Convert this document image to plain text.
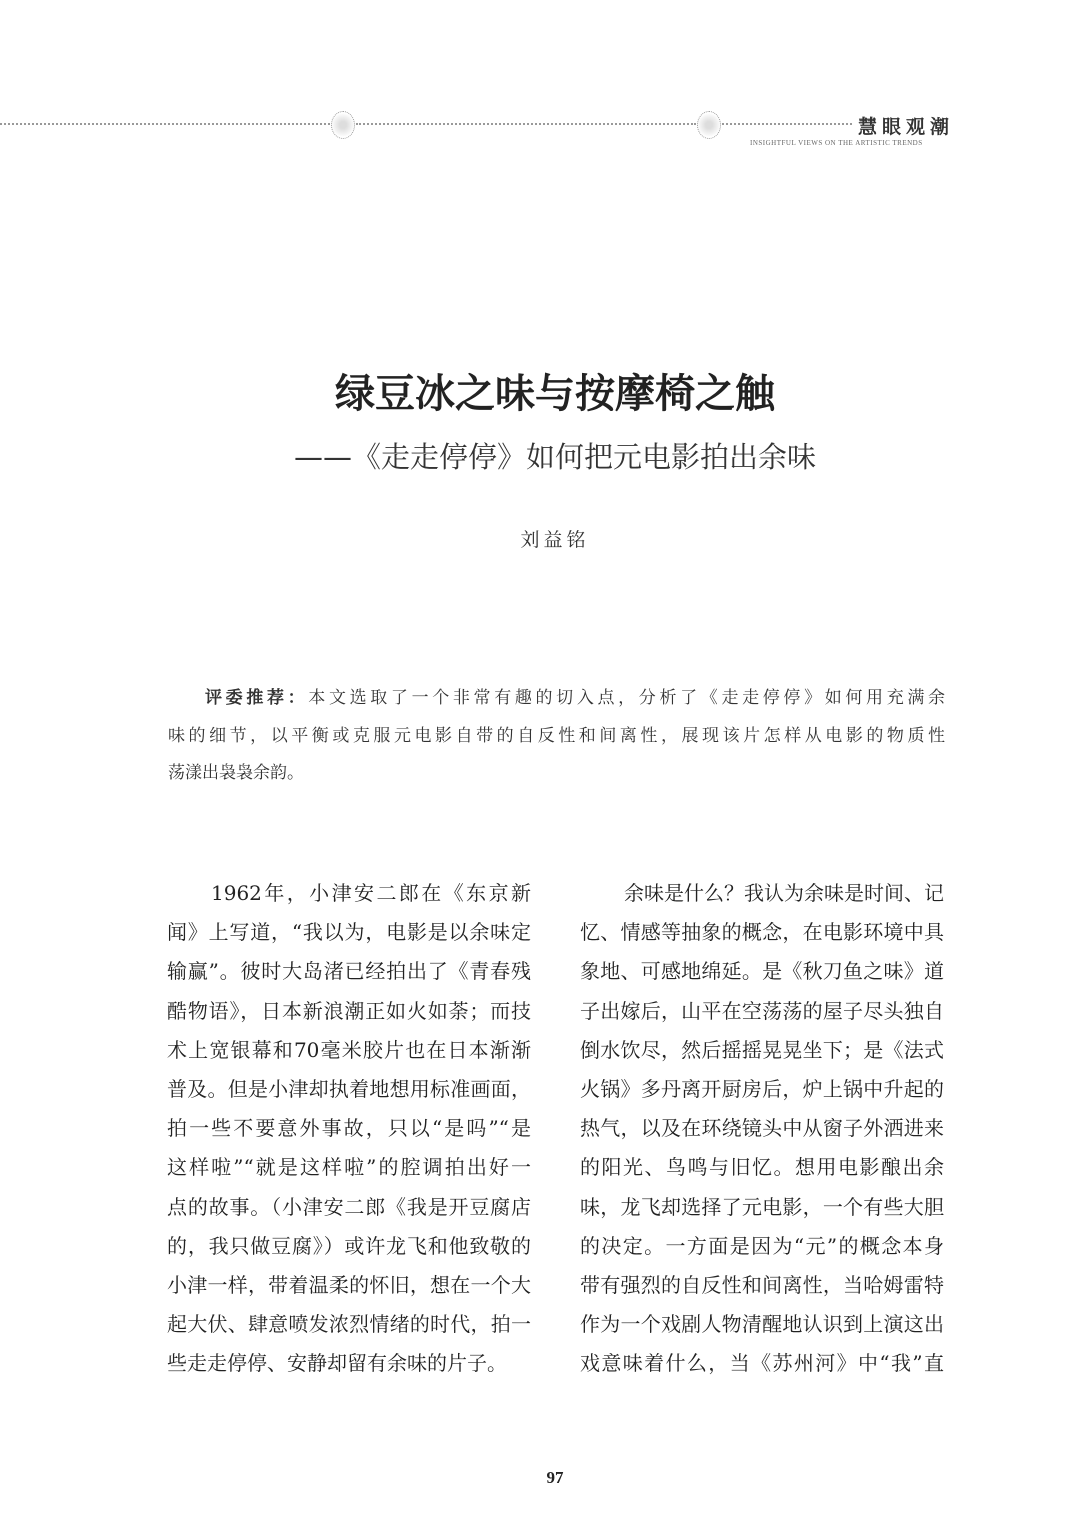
慧眼观潮
INSIGHTFUL VIEWS ON THE ARTISTIC TRENDS
绿豆冰之味与按摩椅之触
——《走走停停》如何把元电影拍出余味
刘益铭
评委推荐：本文选取了一个非常有趣的切入点，分析了《走走停停》如何用充满余
味的细节，以平衡或克服元电影自带的自反性和间离性，展现该片怎样从电影的物质性
荡漾出袅袅余韵。
1962年，小津安二郎在《东京新
闻》上写道，“我以为，电影是以余味定
输赢”。彼时大岛渚已经拍出了《青春残
酷物语》，日本新浪潮正如火如荼；而技
术上宽银幕和70毫米胶片也在日本渐渐
普及。但是小津却执着地想用标准画面，
拍一些不要意外事故，只以“是吗”“是
这样啦”“就是这样啦”的腔调拍出好一
点的故事。（小津安二郎《我是开豆腐店
的，我只做豆腐》）或许龙飞和他致敬的
小津一样，带着温柔的怀旧，想在一个大
起大伏、肆意喷发浓烈情绪的时代，拍一
些走走停停、安静却留有余味的片子。
余味是什么？我认为余味是时间、记
忆、情感等抽象的概念，在电影环境中具
象地、可感地绵延。是《秋刀鱼之味》道
子出嫁后，山平在空荡荡的屋子尽头独自
倒水饮尽，然后摇摇晃晃坐下；是《法式
火锅》多丹离开厨房后，炉上锅中升起的
热气，以及在环绕镜头中从窗子外洒进来
的阳光、鸟鸣与旧忆。想用电影酿出余
味，龙飞却选择了元电影，一个有些大胆
的决定。一方面是因为“元”的概念本身
带有强烈的自反性和间离性，当哈姆雷特
作为一个戏剧人物清醒地认识到上演这出
戏意味着什么，当《苏州河》中“我”直
97
